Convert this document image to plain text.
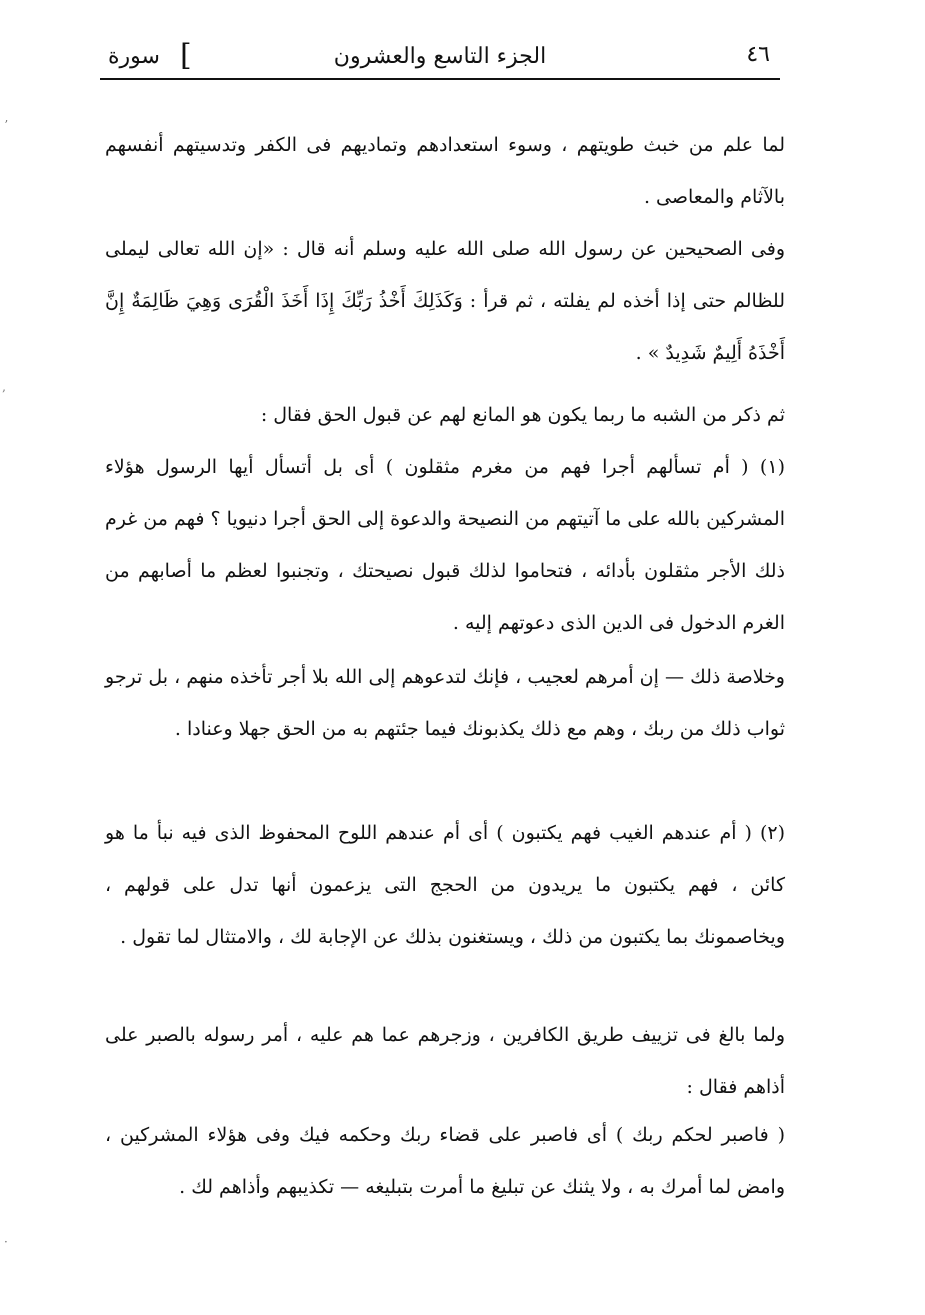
٤٦
الجزء التاسع والعشرون
[
سورة

لما علم من خبث طويتهم ، وسوء استعدادهم وتماديهم فى الكفر وتدسيتهم أنفسهم بالآثام والمعاصى .

وفى الصحيحين عن رسول الله صلى الله عليه وسلم أنه قال : «إن الله تعالى ليملى للظالم حتى إذا أخذه لم يفلته ، ثم قرأ : وَكَذَلِكَ أَخْذُ رَبِّكَ إِذَا أَخَذَ الْقُرَى وَهِيَ ظَالِمَةٌ إِنَّ أَخْذَهُ أَلِيمٌ شَدِيدٌ » .

ثم ذكر من الشبه ما ربما يكون هو المانع لهم عن قبول الحق فقال :

(١) ( أم تسألهم أجرا فهم من مغرم مثقلون ) أى بل أتسأل أيها الرسول هؤلاء المشركين بالله على ما آتيتهم من النصيحة والدعوة إلى الحق أجرا دنيويا ؟ فهم من غرم ذلك الأجر مثقلون بأدائه ، فتحاموا لذلك قبول نصيحتك ، وتجنبوا لعظم ما أصابهم من الغرم الدخول فى الدين الذى دعوتهم إليه .

وخلاصة ذلك — إن أمرهم لعجيب ، فإنك لتدعوهم إلى الله بلا أجر تأخذه منهم ، بل ترجو ثواب ذلك من ربك ، وهم مع ذلك يكذبونك فيما جئتهم به من الحق جهلا وعنادا .

(٢) ( أم عندهم الغيب فهم يكتبون ) أى أم عندهم اللوح المحفوظ الذى فيه نبأ ما هو كائن ، فهم يكتبون ما يريدون من الحجج التى يزعمون أنها تدل على قولهم ، ويخاصمونك بما يكتبون من ذلك ، ويستغنون بذلك عن الإجابة لك ، والامتثال لما تقول .

ولما بالغ فى تزييف طريق الكافرين ، وزجرهم عما هم عليه ، أمر رسوله بالصبر على أذاهم فقال :

( فاصبر لحكم ربك ) أى فاصبر على قضاء ربك وحكمه فيك وفى هؤلاء المشركين ، وامض لما أمرك به ، ولا يثنك عن تبليغ ما أمرت بتبليغه — تكذيبهم وأذاهم لك .

ʼ
‚
·
